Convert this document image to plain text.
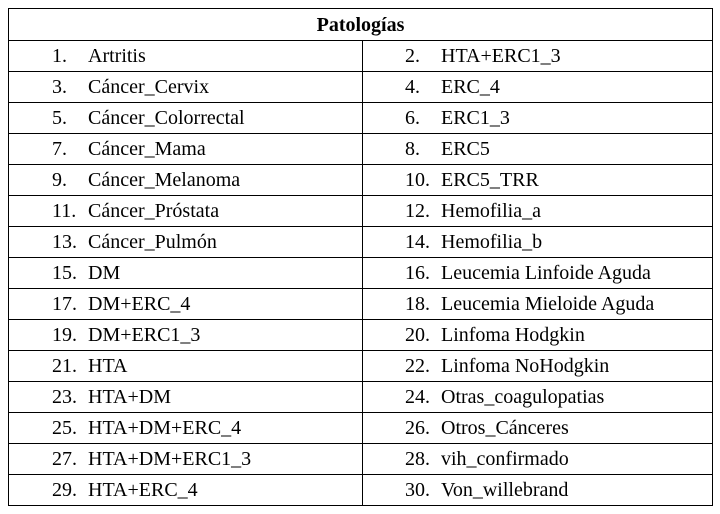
Patologías	

1. Artritis	2. HTA+ERC1_3

3. Cáncer_Cervix	4. ERC_4

5. Cáncer_Colorrectal	6. ERC1_3

7. Cáncer_Mama	8. ERC5

9. Cáncer_Melanoma	10. ERC5_TRR

11. Cáncer_Próstata	12. Hemofilia_a

13. Cáncer_Pulmón	14. Hemofilia_b

15. DM	16. Leucemia Linfoide Aguda

17. DM+ERC_4	18. Leucemia Mieloide Aguda

19. DM+ERC1_3	20. Linfoma Hodgkin

21. HTA	22. Linfoma NoHodgkin

23. HTA+DM	24. Otras_coagulopatias

25. HTA+DM+ERC_4	26. Otros_Cánceres

27. HTA+DM+ERC1_3	28. vih_confirmado

29. HTA+ERC_4	30. Von_willebrand
